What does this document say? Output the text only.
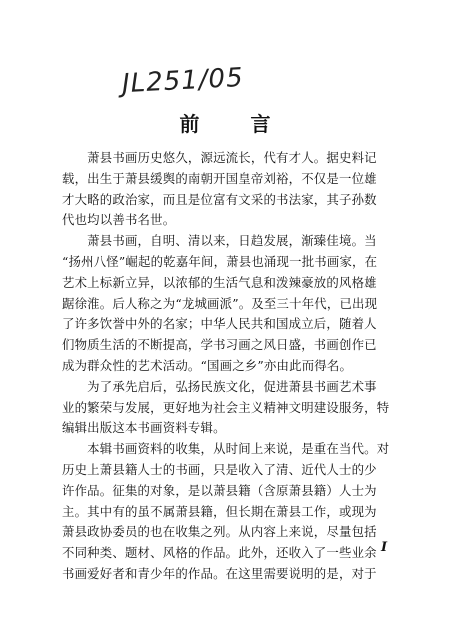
JL251/05
前 言
　　萧县书画历史悠久，源远流长，代有才人。据史料记
载，出生于萧县缓舆的南朝开国皇帝刘裕，不仅是一位雄
才大略的政治家，而且是位富有文采的书法家，其子孙数
代也均以善书名世。
　　萧县书画，自明、清以来，日趋发展，渐臻佳境。当
“扬州八怪”崛起的乾嘉年间，萧县也涌现一批书画家，在
艺术上标新立异，以浓郁的生活气息和泼辣豪放的风格雄
踞徐淮。后人称之为“龙城画派”。及至三十年代，已出现
了许多饮誉中外的名家；中华人民共和国成立后，随着人
们物质生活的不断提高，学书习画之风日盛，书画创作已
成为群众性的艺术活动。“国画之乡”亦由此而得名。
　　为了承先启后，弘扬民族文化，促进萧县书画艺术事
业的繁荣与发展，更好地为社会主义精神文明建设服务，特
编辑出版这本书画资料专辑。
　　本辑书画资料的收集，从时间上来说，是重在当代。对
历史上萧县籍人士的书画，只是收入了清、近代人士的少
许作品。征集的对象，是以萧县籍（含原萧县籍）人士为
主。其中有的虽不属萧县籍，但长期在萧县工作，或现为
萧县政协委员的也在收集之列。从内容上来说，尽量包括
不同种类、题材、风格的作品。此外，还收入了一些业余
书画爱好者和青少年的作品。在这里需要说明的是，对于
I
